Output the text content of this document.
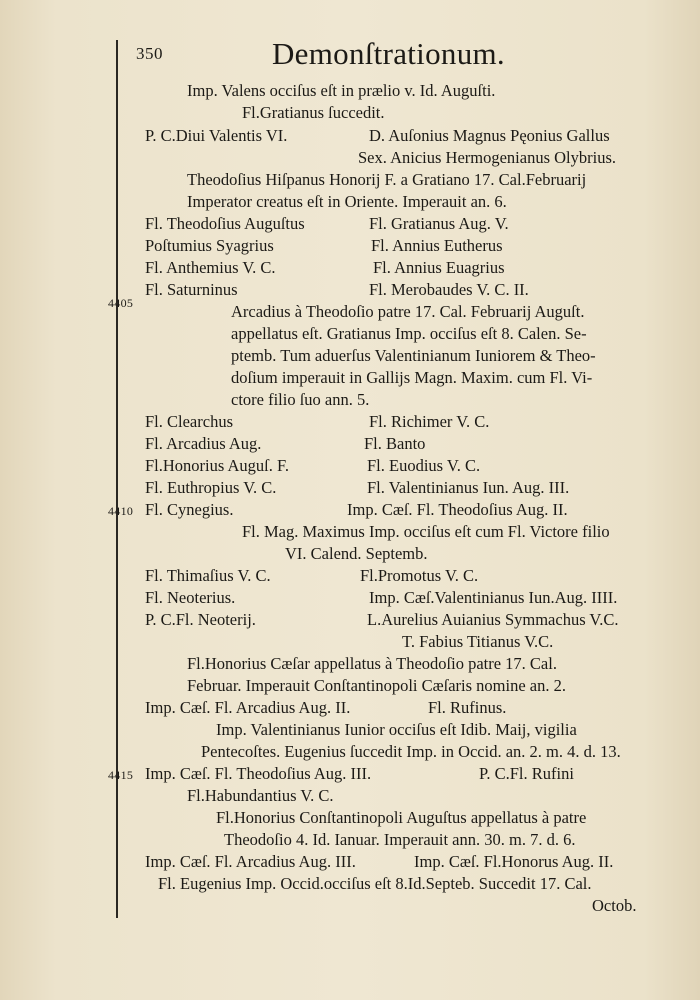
350	Demonſtrationum.
4405
4410
4415
Imp. Valens occiſus eſt in prælio v. Id. Auguſti.
Fl.Gratianus ſuccedit.
P. C.Diui Valentis VI.	D. Auſonius Magnus Pęonius Gallus
Sex. Anicius Hermogenianus Olybrius.
Theodoſius Hiſpanus Honorij F. a Gratiano 17. Cal.Februarij
Imperator creatus eſt in Oriente. Imperauit an. 6.
Fl. Theodoſius Auguſtus	Fl. Gratianus Aug. V.
Poſtumius Syagrius	Fl. Annius Eutherus
Fl. Anthemius V. C.	Fl. Annius Euagrius
Fl. Saturninus	Fl. Merobaudes V. C. II.
Arcadius à Theodoſio patre 17. Cal. Februarij Auguſt.
appellatus eſt. Gratianus Imp. occiſus eſt 8. Calen. Se-
ptemb. Tum aduerſus Valentinianum Iuniorem & Theo-
doſium imperauit in Gallijs Magn. Maxim. cum Fl. Vi-
ctore filio ſuo ann. 5.
Fl. Clearchus	Fl. Richimer V. C.
Fl. Arcadius Aug.	Fl. Banto
Fl.Honorius Auguſ. F.	Fl. Euodius V. C.
Fl. Euthropius V. C.	Fl. Valentinianus Iun. Aug. III.
Fl. Cynegius.	Imp. Cæſ. Fl. Theodoſius Aug. II.
Fl. Mag. Maximus Imp. occiſus eſt cum Fl. Victore filio
VI. Calend. Septemb.
Fl. Thimaſius V. C.	Fl.Promotus V. C.
Fl. Neoterius.	Imp. Cæſ.Valentinianus Iun.Aug. IIII.
P. C.Fl. Neoterij.	L.Aurelius Auianius Symmachus V.C.
T. Fabius Titianus V.C.
Fl.Honorius Cæſar appellatus à Theodoſio patre 17. Cal.
Februar. Imperauit Conſtantinopoli Cæſaris nomine an. 2.
Imp. Cæſ. Fl. Arcadius Aug. II.	Fl. Rufinus.
Imp. Valentinianus Iunior occiſus eſt Idib. Maij, vigilia
Pentecoſtes. Eugenius ſuccedit Imp. in Occid. an. 2. m. 4. d. 13.
Imp. Cæſ. Fl. Theodoſius Aug. III.	P. C.Fl. Rufini
Fl.Habundantius V. C.
Fl.Honorius Conſtantinopoli Auguſtus appellatus à patre
Theodoſio 4. Id. Ianuar. Imperauit ann. 30. m. 7. d. 6.
Imp. Cæſ. Fl. Arcadius Aug. III.	Imp. Cæſ. Fl.Honorus Aug. II.
Fl. Eugenius Imp. Occid.occiſus eſt 8.Id.Septeb. Succedit 17. Cal.
Octob.
